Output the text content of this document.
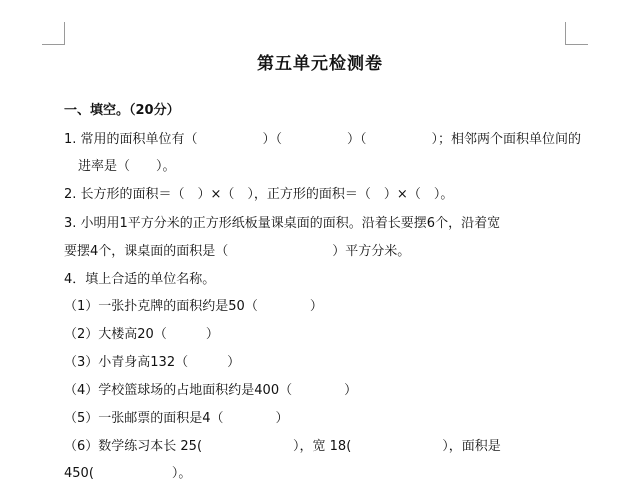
第五单元检测卷
一、填空。（20分）
1. 常用的面积单位有（　　　　　）（　　　　　）（　　　　　）；相邻两个面积单位间的
进率是（　　）。
2. 长方形的面积＝（　）×（　），正方形的面积＝（　）×（　）。
3. 小明用1平方分米的正方形纸板量课桌面的面积。沿着长要摆6个，沿着宽
要摆4个，课桌面的面积是（　　　　　　　　）平方分米。
4．填上合适的单位名称。
（1）一张扑克牌的面积约是50（　　　　）
（2）大楼高20（　　　）
（3）小青身高132（　　　）
（4）学校篮球场的占地面积约是400（　　　　）
（5）一张邮票的面积是4（　　　　）
（6）数学练习本长 25(　　　　　　　），宽 18(　　　　　　　），面积是
450(　　　　　　）。
